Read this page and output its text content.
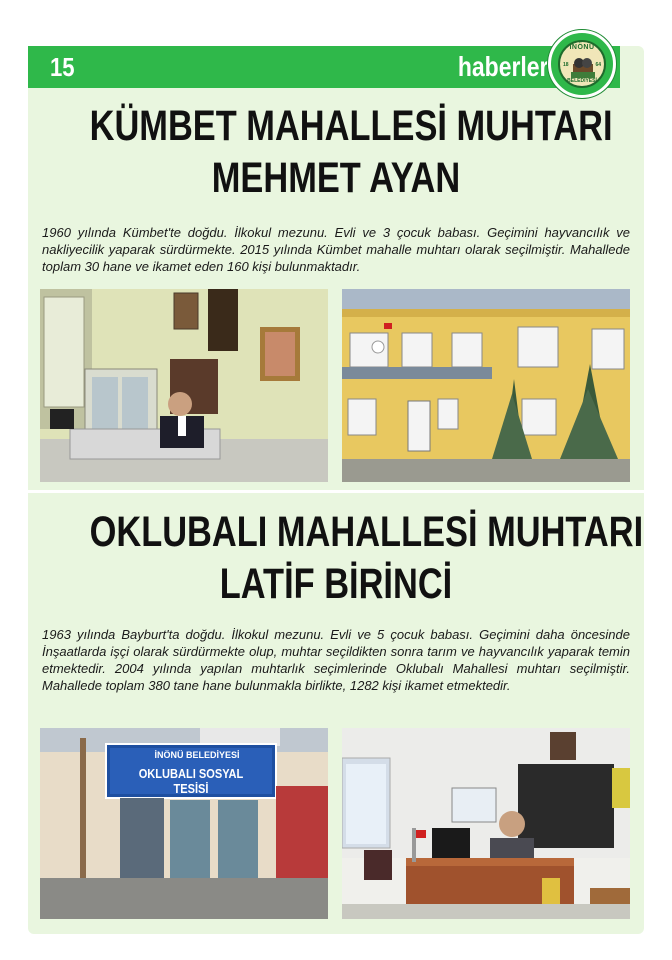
15	haberler
İNÖNÜ
18	64
BELEDİYESİ
KÜMBET MAHALLESİ MUHTARI
MEHMET AYAN

1960 yılında Kümbet'te doğdu. İlkokul mezunu. Evli ve 3 çocuk babası. Geçimini hayvancılık ve nakliyecilik yaparak sürdürmekte. 2015 yılında Kümbet mahalle muhtarı olarak seçilmiştir. Mahallede toplam 30 hane ve ikamet eden 160 kişi bulunmaktadır.

OKLUBALI MAHALLESİ MUHTARI
LATİF BİRİNCİ

1963 yılında Bayburt'ta doğdu. İlkokul mezunu. Evli ve 5 çocuk babası. Geçimini daha öncesinde İnşaatlarda işçi olarak sürdürmekte olup, muhtar seçildikten sonra tarım ve hayvancılık yaparak temin etmektedir. 2004 yılında yapılan muhtarlık seçimlerinde Oklubalı Mahallesi muhtarı seçilmiştir. Mahallede toplam 380 tane hane bulunmakla birlikte, 1282 kişi ikamet etmektedir.

İNÖNÜ BELEDİYESİ
OKLUBALI SOSYAL TESİSİ
